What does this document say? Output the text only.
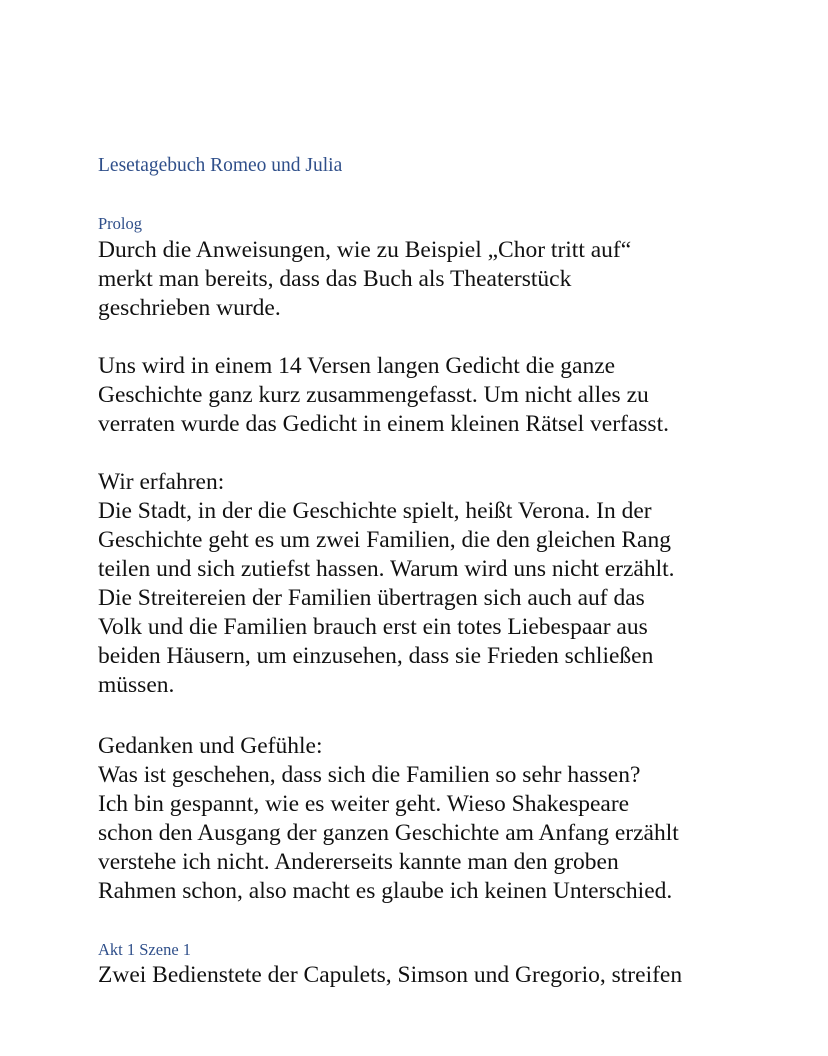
Lesetagebuch Romeo und Julia
Prolog

Durch die Anweisungen, wie zu Beispiel „Chor tritt auf“
merkt man bereits, dass das Buch als Theaterstück
geschrieben wurde.

Uns wird in einem 14 Versen langen Gedicht die ganze
Geschichte ganz kurz zusammengefasst. Um nicht alles zu
verraten wurde das Gedicht in einem kleinen Rätsel verfasst.

Wir erfahren:
Die Stadt, in der die Geschichte spielt, heißt Verona. In der
Geschichte geht es um zwei Familien, die den gleichen Rang
teilen und sich zutiefst hassen. Warum wird uns nicht erzählt.
Die Streitereien der Familien übertragen sich auch auf das
Volk und die Familien brauch erst ein totes Liebespaar aus
beiden Häusern, um einzusehen, dass sie Frieden schließen
müssen.

Gedanken und Gefühle:
Was ist geschehen, dass sich die Familien so sehr hassen?
Ich bin gespannt, wie es weiter geht. Wieso Shakespeare
schon den Ausgang der ganzen Geschichte am Anfang erzählt
verstehe ich nicht. Andererseits kannte man den groben
Rahmen schon, also macht es glaube ich keinen Unterschied.

Akt 1 Szene 1

Zwei Bedienstete der Capulets, Simson und Gregorio, streifen
